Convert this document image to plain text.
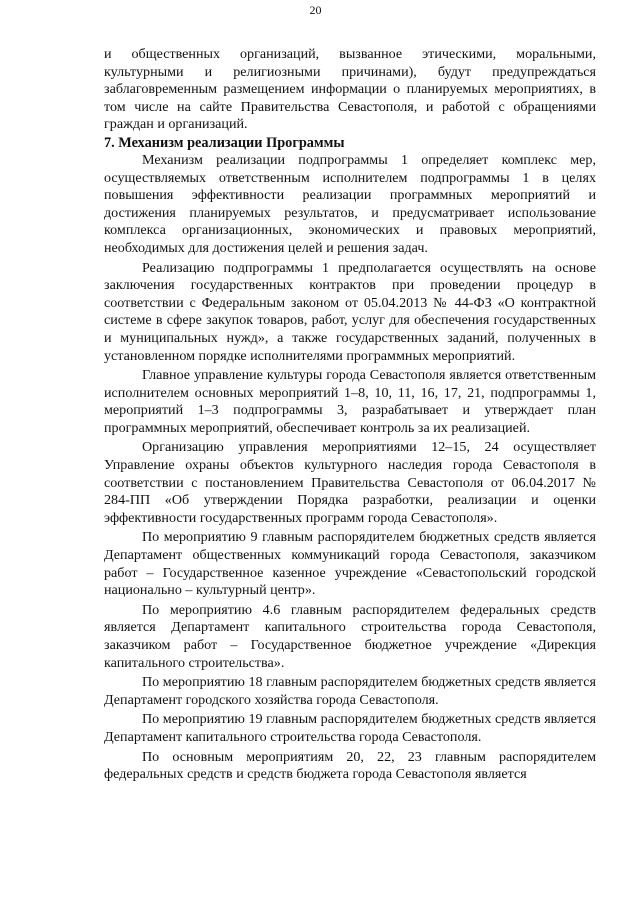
20

и общественных организаций, вызванное этическими, моральными, культурными и религиозными причинами), будут предупреждаться заблаговременным размещением информации о планируемых мероприятиях, в том числе на сайте Правительства Севастополя, и работой с обращениями граждан и организаций.

7. Механизм реализации Программы

Механизм реализации подпрограммы 1 определяет комплекс мер, осуществляемых ответственным исполнителем подпрограммы 1 в целях повышения эффективности реализации программных мероприятий и достижения планируемых результатов, и предусматривает использование комплекса организационных, экономических и правовых мероприятий, необходимых для достижения целей и решения задач.

Реализацию подпрограммы 1 предполагается осуществлять на основе заключения государственных контрактов при проведении процедур в соответствии с Федеральным законом от 05.04.2013 № 44-ФЗ «О контрактной системе в сфере закупок товаров, работ, услуг для обеспечения государственных и муниципальных нужд», а также государственных заданий, полученных в установленном порядке исполнителями программных мероприятий.

Главное управление культуры города Севастополя является ответственным исполнителем основных мероприятий 1–8, 10, 11, 16, 17, 21, подпрограммы 1, мероприятий 1–3 подпрограммы 3, разрабатывает и утверждает план программных мероприятий, обеспечивает контроль за их реализацией.

Организацию управления мероприятиями 12–15, 24 осуществляет Управление охраны объектов культурного наследия города Севастополя в соответствии с постановлением Правительства Севастополя от 06.04.2017 № 284-ПП «Об утверждении Порядка разработки, реализации и оценки эффективности государственных программ города Севастополя».

По мероприятию 9 главным распорядителем бюджетных средств является Департамент общественных коммуникаций города Севастополя, заказчиком работ – Государственное казенное учреждение «Севастопольский городской национально – культурный центр».

По мероприятию 4.6 главным распорядителем федеральных средств является Департамент капитального строительства города Севастополя, заказчиком работ – Государственное бюджетное учреждение «Дирекция капитального строительства».

По мероприятию 18 главным распорядителем бюджетных средств является Департамент городского хозяйства города Севастополя.

По мероприятию 19 главным распорядителем бюджетных средств является Департамент капитального строительства города Севастополя.

По основным мероприятиям 20, 22, 23 главным распорядителем федеральных средств и средств бюджета города Севастополя является
